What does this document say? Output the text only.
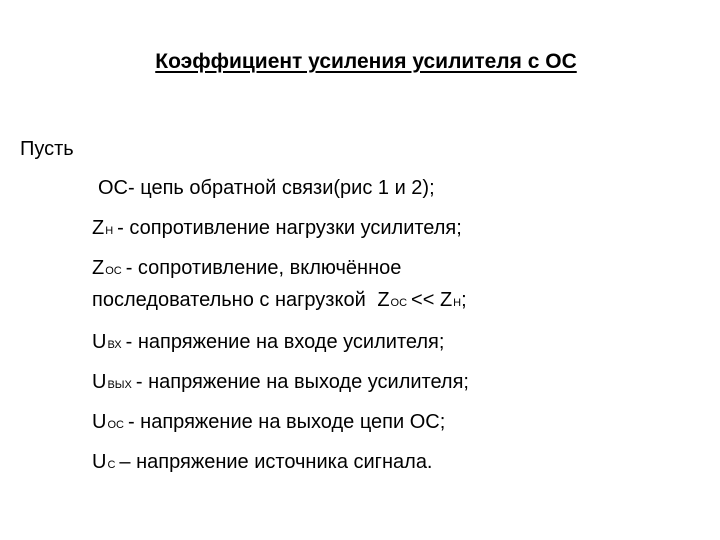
Коэффициент усиления усилителя с ОС
Пусть
ОС- цепь обратной связи(рис 1 и 2);
ZН - сопротивление нагрузки усилителя;
ZОС - сопротивление, включённое
последовательно с нагрузкой ZОС << ZН;
UВХ - напряжение на входе усилителя;
UВЫХ - напряжение на выходе усилителя;
UОС - напряжение на выходе цепи ОС;
UС – напряжение источника сигнала.
